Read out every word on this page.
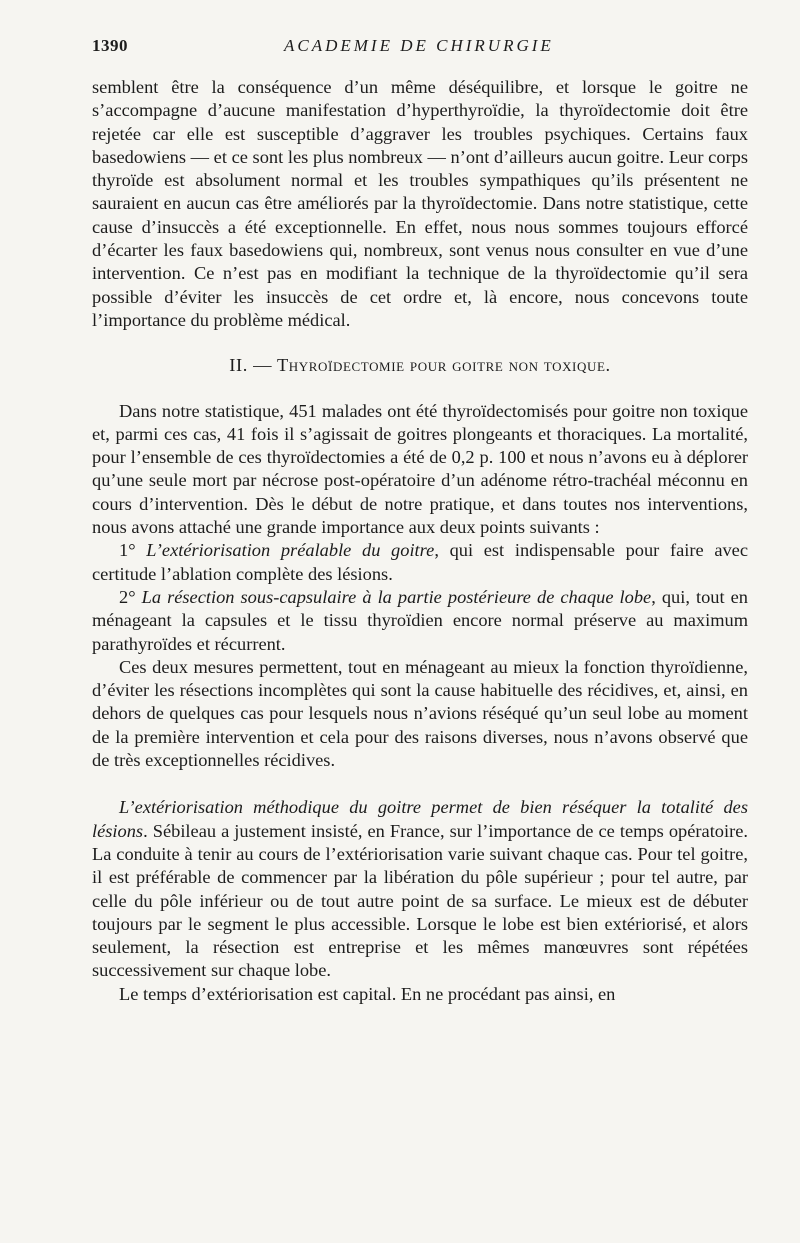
1390	ACADEMIE DE CHIRURGIE

semblent être la conséquence d’un même déséquilibre, et lorsque le goitre ne s’accompagne d’aucune manifestation d’hyperthyroïdie, la thyroïdectomie doit être rejetée car elle est susceptible d’aggraver les troubles psychiques. Certains faux basedowiens — et ce sont les plus nombreux — n’ont d’ailleurs aucun goitre. Leur corps thyroïde est absolument normal et les troubles sympathiques qu’ils présentent ne sauraient en aucun cas être améliorés par la thyroïdectomie. Dans notre statistique, cette cause d’insuccès a été exceptionnelle. En effet, nous nous sommes toujours efforcé d’écarter les faux basedowiens qui, nombreux, sont venus nous consulter en vue d’une intervention. Ce n’est pas en modifiant la technique de la thyroïdectomie qu’il sera possible d’éviter les insuccès de cet ordre et, là encore, nous concevons toute l’importance du problème médical.

II. — Thyroïdectomie pour goitre non toxique.

Dans notre statistique, 451 malades ont été thyroïdectomisés pour goitre non toxique et, parmi ces cas, 41 fois il s’agissait de goitres plongeants et thoraciques. La mortalité, pour l’ensemble de ces thyroïdectomies a été de 0,2 p. 100 et nous n’avons eu à déplorer qu’une seule mort par nécrose post-opératoire d’un adénome rétro-trachéal méconnu en cours d’intervention. Dès le début de notre pratique, et dans toutes nos interventions, nous avons attaché une grande importance aux deux points suivants :

1° L’extériorisation préalable du goitre, qui est indispensable pour faire avec certitude l’ablation complète des lésions.

2° La résection sous-capsulaire à la partie postérieure de chaque lobe, qui, tout en ménageant la capsules et le tissu thyroïdien encore normal préserve au maximum parathyroïdes et récurrent.

Ces deux mesures permettent, tout en ménageant au mieux la fonction thyroïdienne, d’éviter les résections incomplètes qui sont la cause habituelle des récidives, et, ainsi, en dehors de quelques cas pour lesquels nous n’avions réséqué qu’un seul lobe au moment de la première intervention et cela pour des raisons diverses, nous n’avons observé que de très exceptionnelles récidives.

L’extériorisation méthodique du goitre permet de bien réséquer la totalité des lésions. Sébileau a justement insisté, en France, sur l’importance de ce temps opératoire. La conduite à tenir au cours de l’extériorisation varie suivant chaque cas. Pour tel goitre, il est préférable de commencer par la libération du pôle supérieur ; pour tel autre, par celle du pôle inférieur ou de tout autre point de sa surface. Le mieux est de débuter toujours par le segment le plus accessible. Lorsque le lobe est bien extériorisé, et alors seulement, la résection est entreprise et les mêmes manœuvres sont répétées successivement sur chaque lobe.

Le temps d’extériorisation est capital. En ne procédant pas ainsi, en
